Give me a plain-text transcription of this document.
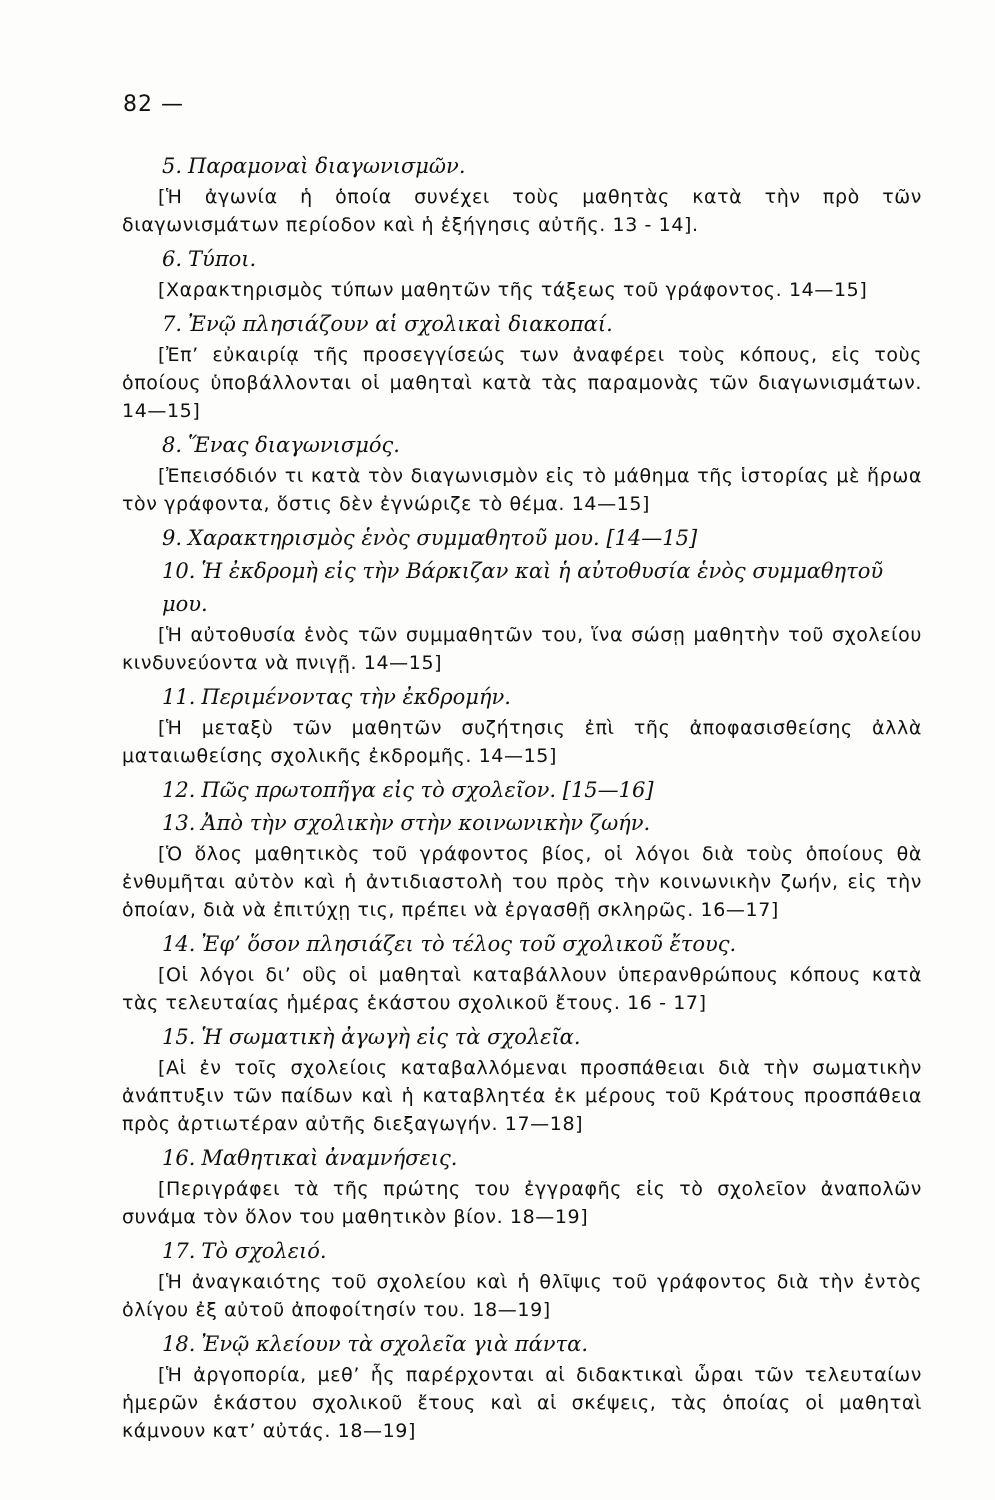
82 —
5. Παραμοναὶ διαγωνισμῶν.
[Ἡ ἀγωνία ἡ ὁποία συνέχει τοὺς μαθητὰς κατὰ τὴν πρὸ τῶν διαγωνισμάτων περίοδον καὶ ἡ ἐξήγησις αὐτῆς. 13 - 14].
6. Τύποι.
[Χαρακτηρισμὸς τύπων μαθητῶν τῆς τάξεως τοῦ γράφοντος. 14—15]
7. Ἐνῷ πλησιάζουν αἱ σχολικαὶ διακοπαί.
[Ἐπ’ εὐκαιρίᾳ τῆς προσεγγίσεώς των ἀναφέρει τοὺς κόπους, εἰς τοὺς ὁποίους ὑποβάλλονται οἱ μαθηταὶ κατὰ τὰς παραμονὰς τῶν διαγωνισμάτων. 14—15]
8. Ἕνας διαγωνισμός.
[Ἐπεισόδιόν τι κατὰ τὸν διαγωνισμὸν εἰς τὸ μάθημα τῆς ἱστορίας μὲ ἥρωα τὸν γράφοντα, ὅστις δὲν ἐγνώριζε τὸ θέμα. 14—15]
9. Χαρακτηρισμὸς ἑνὸς συμμαθητοῦ μου. [14—15]
10. Ἡ ἐκδρομὴ εἰς τὴν Βάρκιζαν καὶ ἡ αὐτοθυσία ἑνὸς συμμαθητοῦ μου.
[Ἡ αὐτοθυσία ἑνὸς τῶν συμμαθητῶν του, ἵνα σώσῃ μαθητὴν τοῦ σχολείου κινδυνεύοντα νὰ πνιγῇ. 14—15]
11. Περιμένοντας τὴν ἐκδρομήν.
[Ἡ μεταξὺ τῶν μαθητῶν συζήτησις ἐπὶ τῆς ἀποφασισθείσης ἀλλὰ ματαιωθείσης σχολικῆς ἐκδρομῆς. 14—15]
12. Πῶς πρωτοπῆγα εἰς τὸ σχολεῖον. [15—16]
13. Ἀπὸ τὴν σχολικὴν στὴν κοινωνικὴν ζωήν.
[Ὁ ὅλος μαθητικὸς τοῦ γράφοντος βίος, οἱ λόγοι διὰ τοὺς ὁποίους θὰ ἐνθυμῆται αὐτὸν καὶ ἡ ἀντιδιαστολὴ του πρὸς τὴν κοινωνικὴν ζωήν, εἰς τὴν ὁποίαν, διὰ νὰ ἐπιτύχῃ τις, πρέπει νὰ ἐργασθῇ σκληρῶς. 16—17]
14. Ἐφ’ ὅσον πλησιάζει τὸ τέλος τοῦ σχολικοῦ ἔτους.
[Οἱ λόγοι δι’ οὓς οἱ μαθηταὶ καταβάλλουν ὑπερανθρώπους κόπους κατὰ τὰς τελευταίας ἡμέρας ἑκάστου σχολικοῦ ἔτους. 16 - 17]
15. Ἡ σωματικὴ ἀγωγὴ εἰς τὰ σχολεῖα.
[Αἱ ἐν τοῖς σχολείοις καταβαλλόμεναι προσπάθειαι διὰ τὴν σωματικὴν ἀνάπτυξιν τῶν παίδων καὶ ἡ καταβλητέα ἐκ μέρους τοῦ Κράτους προσπάθεια πρὸς ἀρτιωτέραν αὐτῆς διεξαγωγήν. 17—18]
16. Μαθητικαὶ ἀναμνήσεις.
[Περιγράφει τὰ τῆς πρώτης του ἐγγραφῆς εἰς τὸ σχολεῖον ἀναπολῶν συνάμα τὸν ὅλον του μαθητικὸν βίον. 18—19]
17. Τὸ σχολειό.
[Ἡ ἀναγκαιότης τοῦ σχολείου καὶ ἡ θλῖψις τοῦ γράφοντος διὰ τὴν ἐντὸς ὀλίγου ἐξ αὐτοῦ ἀποφοίτησίν του. 18—19]
18. Ἐνῷ κλείουν τὰ σχολεῖα γιὰ πάντα.
[Ἡ ἀργοπορία, μεθ’ ἧς παρέρχονται αἱ διδακτικαὶ ὧραι τῶν τελευταίων ἡμερῶν ἑκάστου σχολικοῦ ἔτους καὶ αἱ σκέψεις, τὰς ὁποίας οἱ μαθηταὶ κάμνουν κατ’ αὐτάς. 18—19]
